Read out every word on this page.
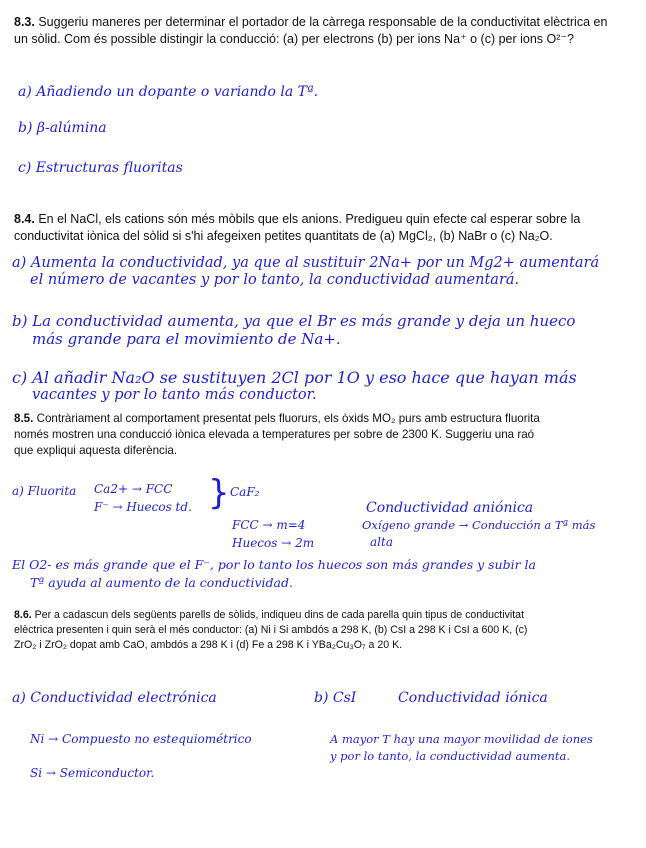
8.3. Suggeriu maneres per determinar el portador de la càrrega responsable de la conductivitat elèctrica en un sòlid. Com és possible distingir la conducció: (a) per electrons (b) per ions Na⁺ o (c) per ions O²⁻?
a) Añadiendo un dopante o variando la Tª.
b) β-alúmina
c) Estructuras fluoritas
8.4. En el NaCl, els cations són més mòbils que els anions. Predigueu quin efecte cal esperar sobre la conductivitat iònica del sòlid si s'hi afegeixen petites quantitats de (a) MgCl₂, (b) NaBr o (c) Na₂O.
a) Aumenta la conductividad, ya que al sustituir 2Na+ por un Mg2+ aumentará
el número de vacantes y por lo tanto, la conductividad aumentará.
b) La conductividad aumenta, ya que el Br es más grande y deja un hueco
más grande para el movimiento de Na+.
c) Al añadir Na₂O se sustituyen 2Cl por 1O y eso hace que hayan más
vacantes y por lo tanto más conductor.
8.5. Contràriament al comportament presentat pels fluorurs, els òxids MO₂ purs amb estructura fluorita només mostren una conducció iònica elevada a temperatures per sobre de 2300 K. Suggeriu una raó que expliqui aquesta diferència.
a) Fluorita Ca2+ → FCC
F⁻ → Huecos td. } CaF₂
FCC → m=4
Huecos → 2m
Conductividad aniónica
Oxígeno grande → Conducción a Tª más
alta
El O2- es más grande que el F⁻, por lo tanto los huecos son más grandes y subir la
Tª ayuda al aumento de la conductividad.
8.6. Per a cadascun dels següents parells de sòlids, indiqueu dins de cada parella quin tipus de conductivitat elèctrica presenten i quin serà el més conductor: (a) Ni i Si ambdós a 298 K, (b) CsI a 298 K i CsI a 600 K, (c) ZrO₂ i ZrO₂ dopat amb CaO, ambdós a 298 K i (d) Fe a 298 K i YBa₂Cu₃O₇ a 20 K.
a) Conductividad electrónica
Ni → Compuesto no estequiométrico
Si → Semiconductor.
b) CsI	Conductividad iónica
A mayor T hay una mayor movilidad de iones
y por lo tanto, la conductividad aumenta.
